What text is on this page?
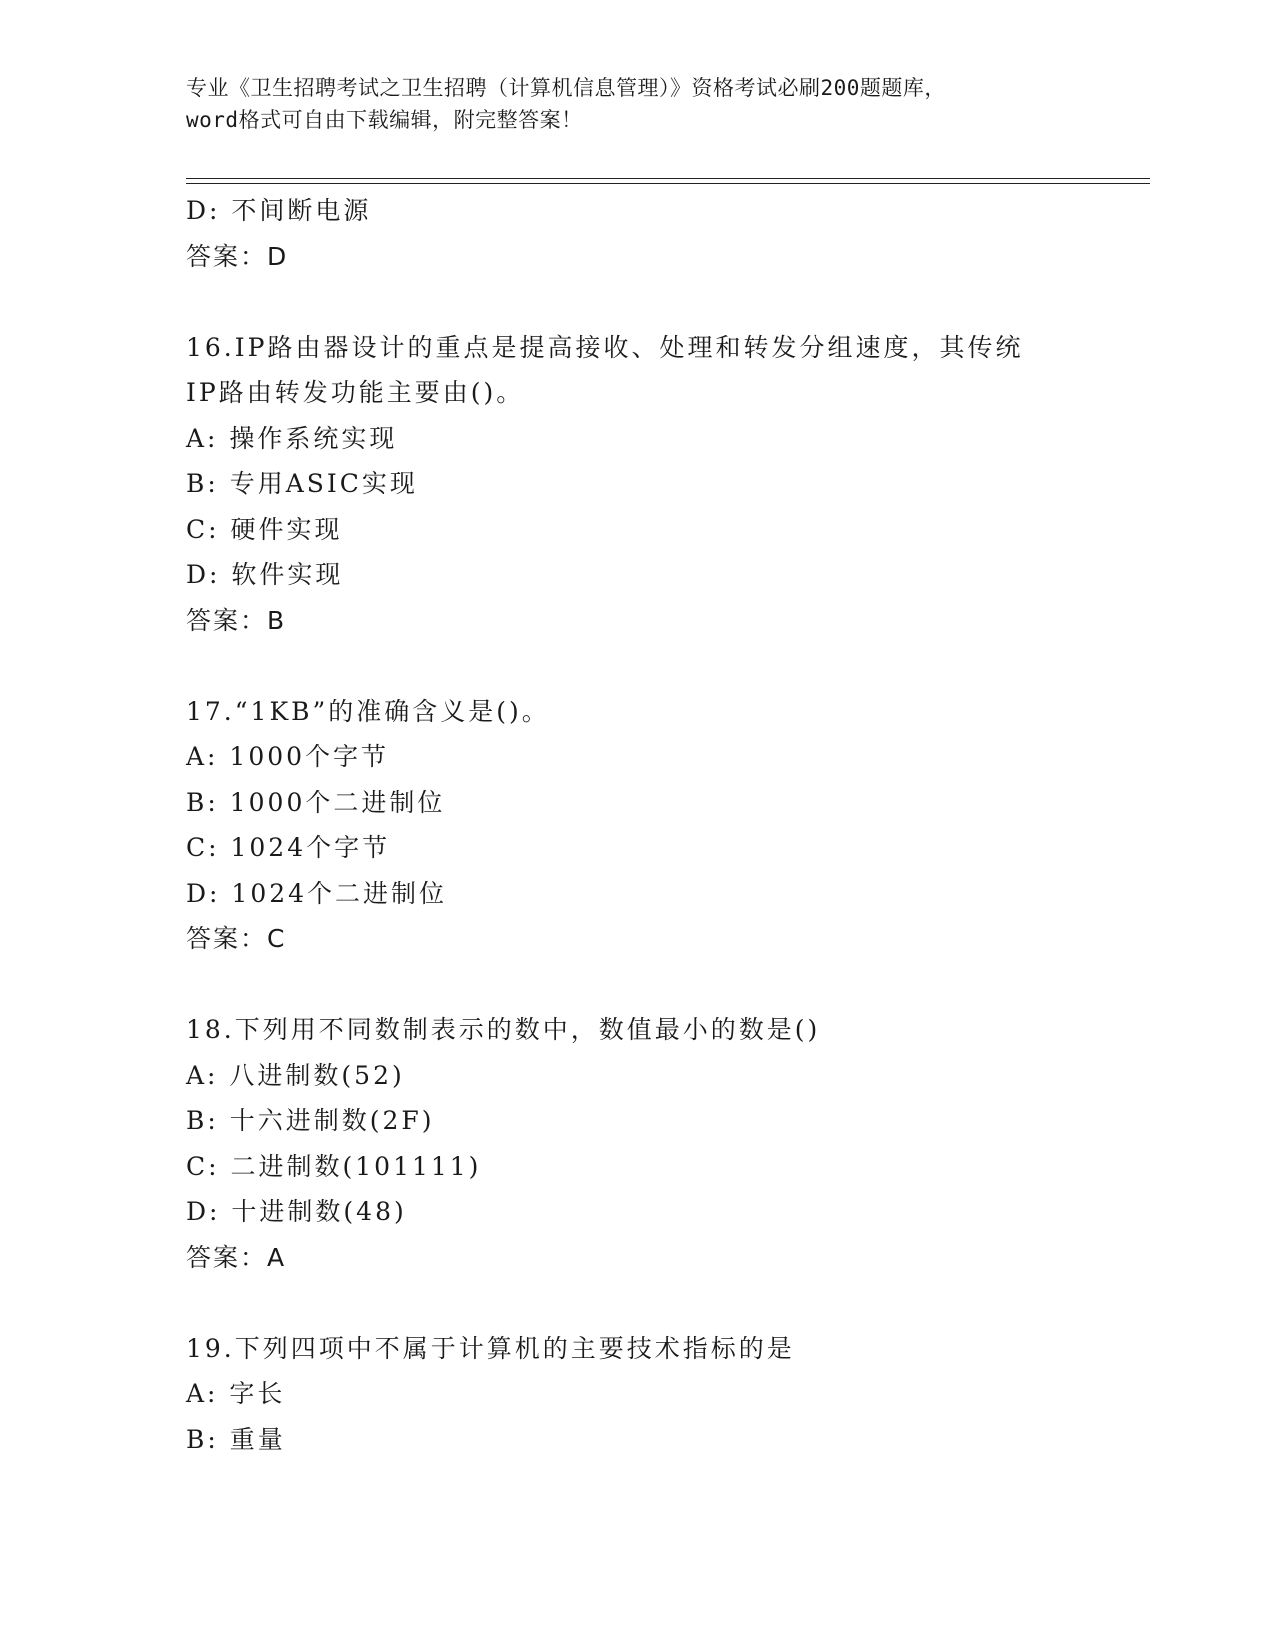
专业《卫生招聘考试之卫生招聘（计算机信息管理）》资格考试必刷200题题库，
word格式可自由下载编辑，附完整答案！
D: 不间断电源
答案：D
16.IP路由器设计的重点是提高接收、处理和转发分组速度，其传统
IP路由转发功能主要由()。
A: 操作系统实现
B: 专用ASIC实现
C: 硬件实现
D: 软件实现
答案：B
17.“1KB”的准确含义是()。
A: 1000个字节
B: 1000个二进制位
C: 1024个字节
D: 1024个二进制位
答案：C
18.下列用不同数制表示的数中，数值最小的数是()
A: 八进制数(52)
B: 十六进制数(2F)
C: 二进制数(101111)
D: 十进制数(48)
答案：A
19.下列四项中不属于计算机的主要技术指标的是
A: 字长
B: 重量
